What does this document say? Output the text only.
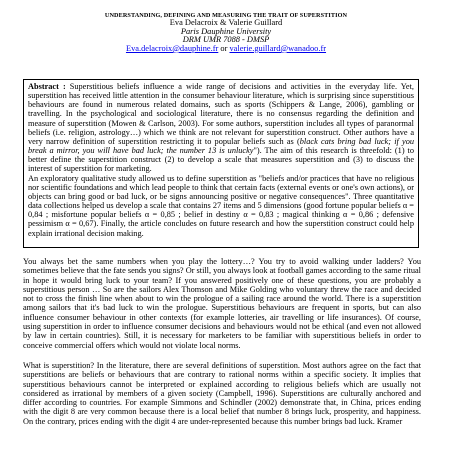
UNDERSTANDING, DEFINING AND MEASURING THE TRAIT OF SUPERSTITION
Eva Delacroix & Valerie Guillard
Paris Dauphine University
DRM UMR 7088 - DMSP
Eva.delacroix@dauphine.fr or valerie.guillard@wanadoo.fr
Abstract : Superstitious beliefs influence a wide range of decisions and activities in the everyday life. Yet, superstition has received little attention in the consumer behaviour literature, which is surprising since superstitious behaviours are found in numerous related domains, such as sports (Schippers & Lange, 2006), gambling or travelling. In the psychological and sociological literature, there is no consensus regarding the definition and measure of superstition (Mowen & Carlson, 2003). For some authors, superstition includes all types of paranormal beliefs (i.e. religion, astrology…) which we think are not relevant for superstition construct. Other authors have a very narrow definition of superstition restricting it to popular beliefs such as (black cats bring bad luck; if you break a mirror, you will have bad luck; the number 13 is unlucky"). The aim of this research is threefold: (1) to better define the superstition construct (2) to develop a scale that measures superstition and (3) to discuss the interest of superstition for marketing.
An exploratory qualitative study allowed us to define superstition as "beliefs and/or practices that have no religious nor scientific foundations and which lead people to think that certain facts (external events or one's own actions), or objects can bring good or bad luck, or be signs announcing positive or negative consequences". Three quantitative data collections helped us develop a scale that contains 27 items and 5 dimensions (good fortune popular beliefs α = 0,84 ; misfortune popular beliefs α = 0,85 ; belief in destiny α = 0,83 ; magical thinking α = 0,86 ; defensive pessimism α = 0,67). Finally, the article concludes on future research and how the superstition construct could help explain irrational decision making.
You always bet the same numbers when you play the lottery…? You try to avoid walking under ladders? You sometimes believe that the fate sends you signs? Or still, you always look at football games according to the same ritual in hope it would bring luck to your team? If you answered positively one of these questions, you are probably a superstitious person … So are the sailors Alex Thomson and Mike Golding who voluntary threw the race and decided not to cross the finish line when about to win the prologue of a sailing race around the world. There is a superstition among sailors that it's bad luck to win the prologue. Superstitious behaviours are frequent in sports, but can also influence consumer behaviour in other contexts (for example lotteries, air travelling or life insurances). Of course, using superstition in order to influence consumer decisions and behaviours would not be ethical (and even not allowed by law in certain countries). Still, it is necessary for marketers to be familiar with superstitious beliefs in order to conceive commercial offers which would not violate local norms.
What is superstition? In the literature, there are several definitions of superstition. Most authors agree on the fact that superstitions are beliefs or behaviours that are contrary to rational norms within a specific society. It implies that superstitious behaviours cannot be interpreted or explained according to religious beliefs which are usually not considered as irrational by members of a given society (Campbell, 1996). Superstitions are culturally anchored and differ according to countries. For example Simmons and Schindler (2002) demonstrate that, in China, prices ending with the digit 8 are very common because there is a local belief that number 8 brings luck, prosperity, and happiness. On the contrary, prices ending with the digit 4 are under-represented because this number brings bad luck. Kramer
